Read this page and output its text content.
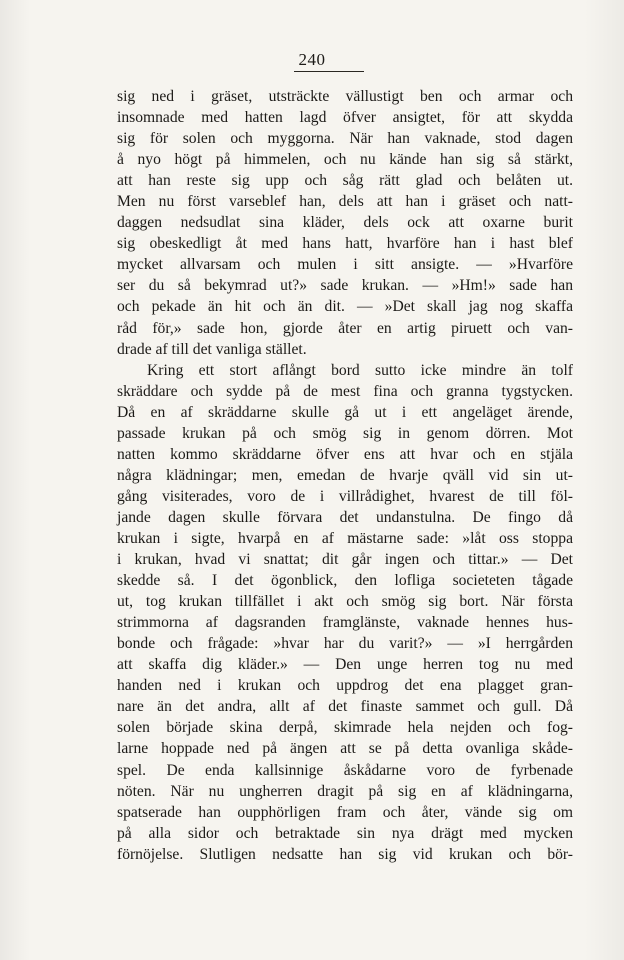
240

sig ned i gräset, utsträckte vällustigt ben och armar och
insomnade med hatten lagd öfver ansigtet, för att skydda
sig för solen och myggorna. När han vaknade, stod dagen
å nyo högt på himmelen, och nu kände han sig så stärkt,
att han reste sig upp och såg rätt glad och belåten ut.
Men nu först varseblef han, dels att han i gräset och natt-
daggen nedsudlat sina kläder, dels ock att oxarne burit
sig obeskedligt åt med hans hatt, hvarföre han i hast blef
mycket allvarsam och mulen i sitt ansigte. — »Hvarföre
ser du så bekymrad ut?» sade krukan. — »Hm!» sade han
och pekade än hit och än dit. — »Det skall jag nog skaffa
råd för,» sade hon, gjorde åter en artig piruett och van-
drade af till det vanliga stället.

Kring ett stort aflångt bord sutto icke mindre än tolf
skräddare och sydde på de mest fina och granna tygstycken.
Då en af skräddarne skulle gå ut i ett angeläget ärende,
passade krukan på och smög sig in genom dörren. Mot
natten kommo skräddarne öfver ens att hvar och en stjäla
några klädningar; men, emedan de hvarje qväll vid sin ut-
gång visiterades, voro de i villrådighet, hvarest de till föl-
jande dagen skulle förvara det undanstulna. De fingo då
krukan i sigte, hvarpå en af mästarne sade: »låt oss stoppa
i krukan, hvad vi snattat; dit går ingen och tittar.» — Det
skedde så. I det ögonblick, den lofliga societeten tågade
ut, tog krukan tillfället i akt och smög sig bort. När första
strimmorna af dagsranden framglänste, vaknade hennes hus-
bonde och frågade: »hvar har du varit?» — »I herrgården
att skaffa dig kläder.» — Den unge herren tog nu med
handen ned i krukan och uppdrog det ena plagget gran-
nare än det andra, allt af det finaste sammet och gull. Då
solen började skina derpå, skimrade hela nejden och fog-
larne hoppade ned på ängen att se på detta ovanliga skåde-
spel. De enda kallsinnige åskådarne voro de fyrbenade
nöten. När nu ungherren dragit på sig en af klädningarna,
spatserade han oupphörligen fram och åter, vände sig om
på alla sidor och betraktade sin nya drägt med mycken
förnöjelse. Slutligen nedsatte han sig vid krukan och bör-
